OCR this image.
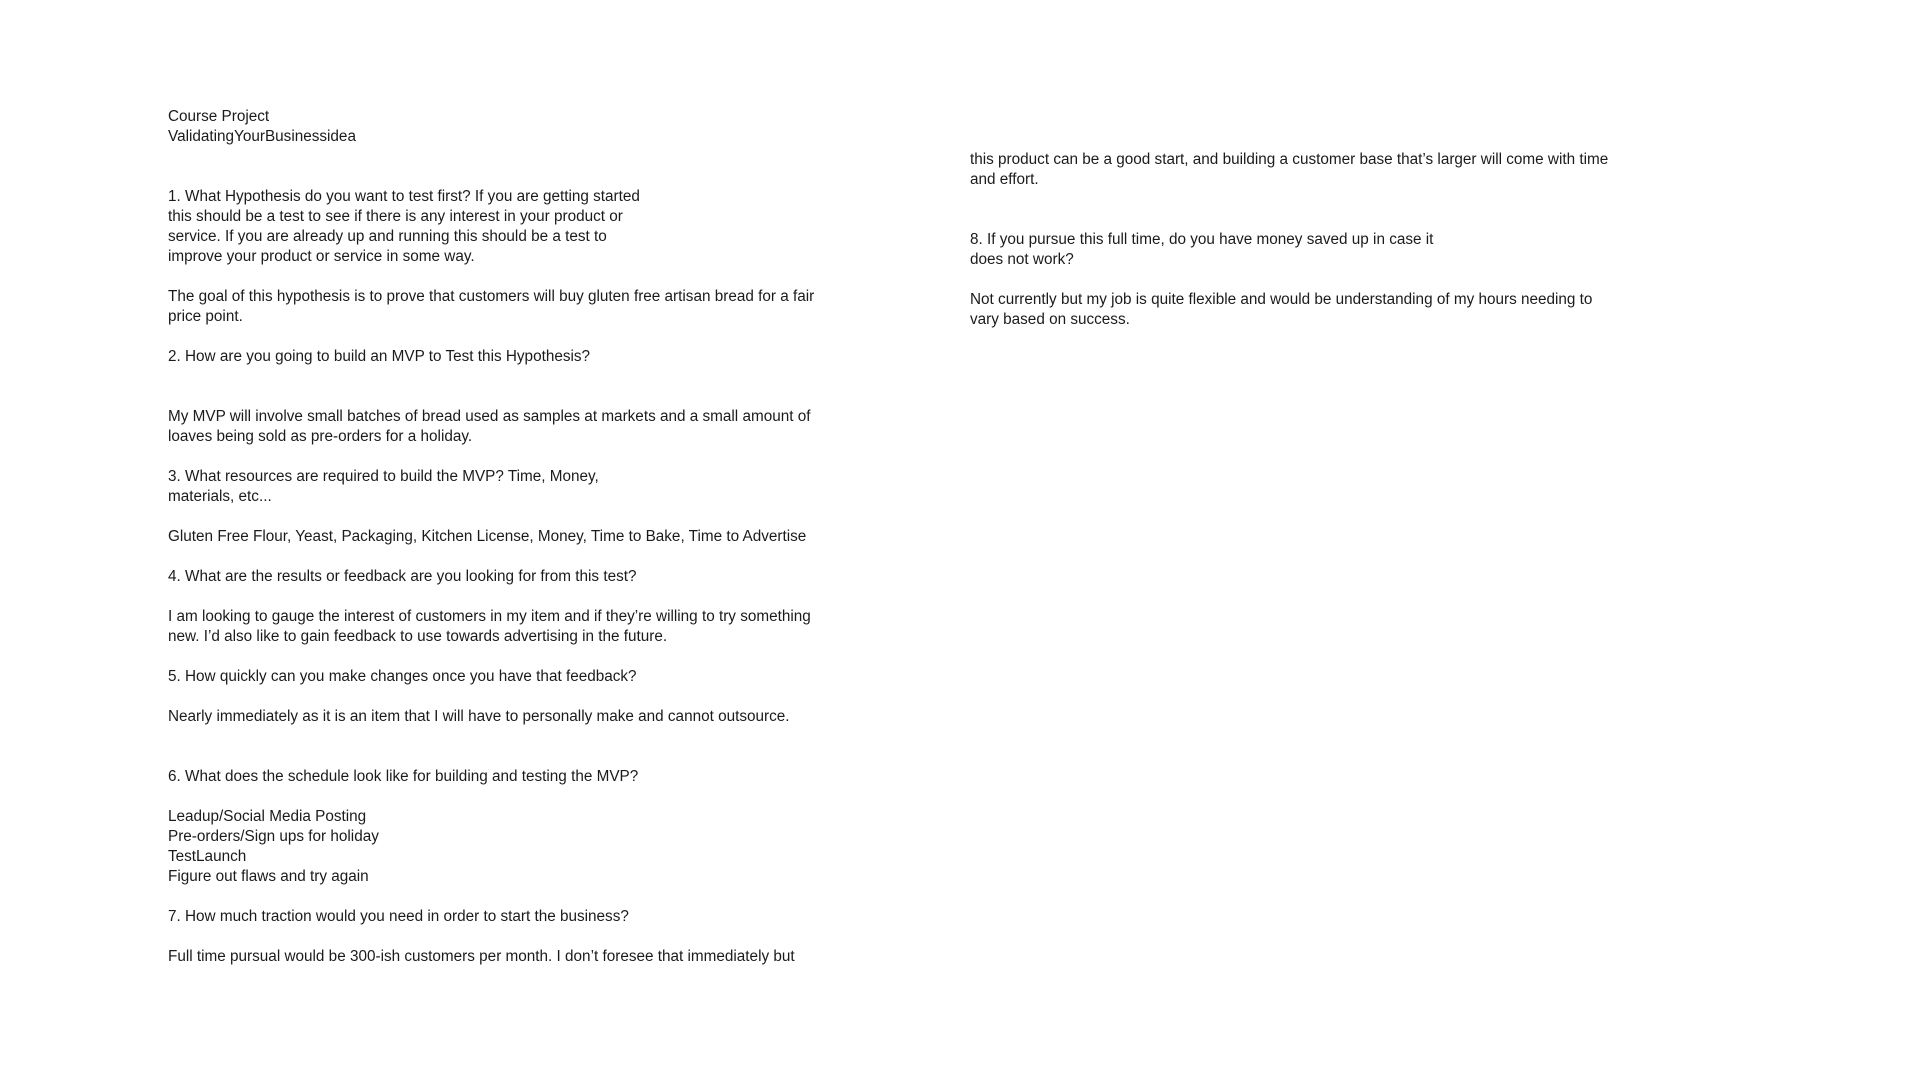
Course Project
ValidatingYourBusinessidea
1. What Hypothesis do you want to test first? If you are getting started
this should be a test to see if there is any interest in your product or
service. If you are already up and running this should be a test to
improve your product or service in some way.
The goal of this hypothesis is to prove that customers will buy gluten free artisan bread for a fair
price point.
2. How are you going to build an MVP to Test this Hypothesis?
My MVP will involve small batches of bread used as samples at markets and a small amount of
loaves being sold as pre-orders for a holiday.
3. What resources are required to build the MVP? Time, Money,
materials, etc...
Gluten Free Flour, Yeast, Packaging, Kitchen License, Money, Time to Bake, Time to Advertise
4. What are the results or feedback are you looking for from this test?
I am looking to gauge the interest of customers in my item and if they’re willing to try something
new. I’d also like to gain feedback to use towards advertising in the future.
5. How quickly can you make changes once you have that feedback?
Nearly immediately as it is an item that I will have to personally make and cannot outsource.
6. What does the schedule look like for building and testing the MVP?
Leadup/Social Media Posting
Pre-orders/Sign ups for holiday
TestLaunch
Figure out flaws and try again
7. How much traction would you need in order to start the business?
Full time pursual would be 300-ish customers per month. I don’t foresee that immediately but
this product can be a good start, and building a customer base that’s larger will come with time
and effort.
8. If you pursue this full time, do you have money saved up in case it
does not work?
Not currently but my job is quite flexible and would be understanding of my hours needing to
vary based on success.
